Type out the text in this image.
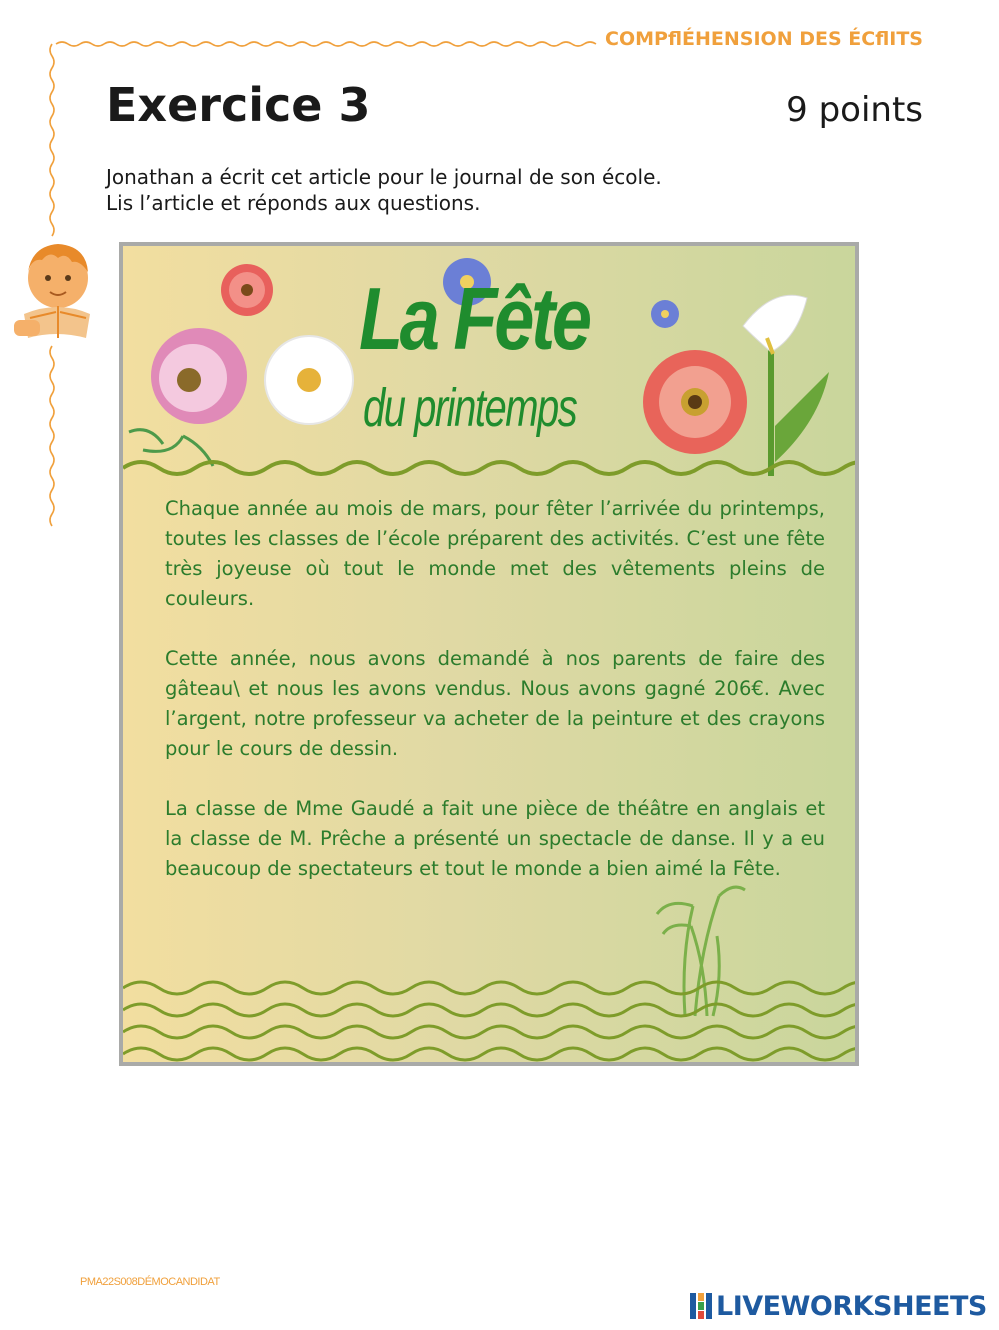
COMPflÉHENSION DES ÉCflITS
Exercice 3	9 points
Jonathan a écrit cet article pour le journal de son école.
Lis l’article et réponds aux questions.
La Fête
du printemps

Chaque année au mois de mars, pour fêter l’arrivée du printemps, toutes les classes de l’école préparent des activités. C’est une fête très joyeuse où tout le monde met des vêtements pleins de couleurs.

Cette année, nous avons demandé à nos parents de faire des gâteau\ et nous les avons vendus. Nous avons gagné 206€. Avec l’argent, notre professeur va acheter de la peinture et des crayons pour le cours de dessin.

La classe de Mme Gaudé a fait une pièce de théâtre en anglais et la classe de M. Prêche a présenté un spectacle de danse. Il y a eu beaucoup de spectateurs et tout le monde a bien aimé la Fête.

PMA22S008DÉMOCANDIDAT
LIVEWORKSHEETS
